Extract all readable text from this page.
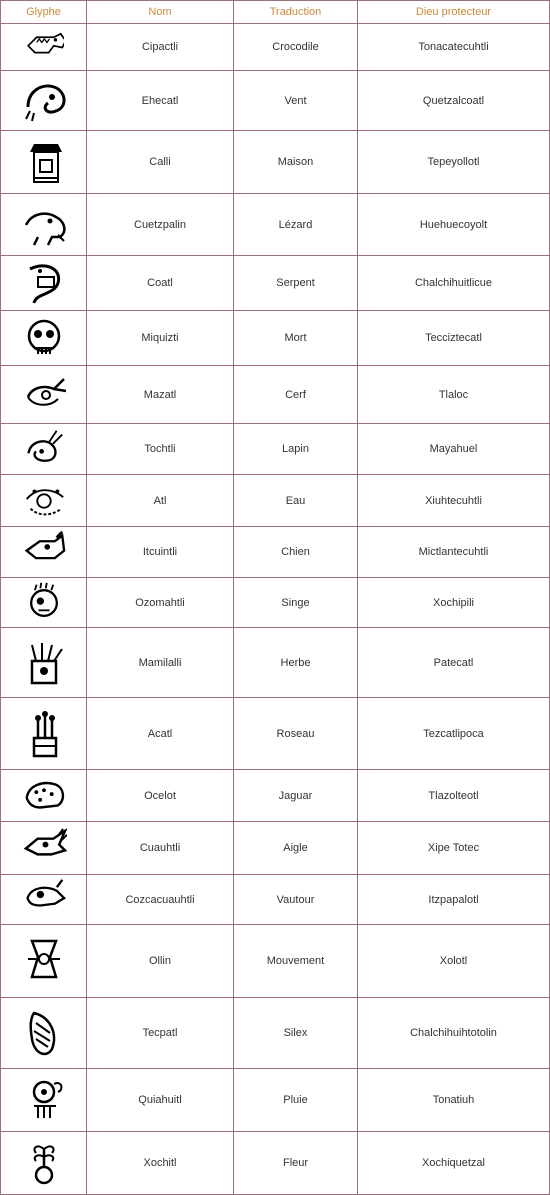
Glyphe	Nom	Traduction	Dieu protecteur

	Cipactli	Crocodile	Tonacatecuhtli

	Ehecatl	Vent	Quetzalcoatl

	Calli	Maison	Tepeyollotl

	Cuetzpalin	Lézard	Huehuecoyolt

	Coatl	Serpent	Chalchihuitlicue

	Miquizti	Mort	Tecciztecatl

	Mazatl	Cerf	Tlaloc

	Tochtli	Lapin	Mayahuel

	Atl	Eau	Xiuhtecuhtli

	Itcuintli	Chien	Mictlantecuhtli

	Ozomahtli	Singe	Xochipili

	Mamilalli	Herbe	Patecatl

	Acatl	Roseau	Tezcatlipoca

	Ocelot	Jaguar	Tlazolteotl

	Cuauhtli	Aigle	Xipe Totec

	Cozcacuauhtli	Vautour	Itzpapalotl

	Ollin	Mouvement	Xolotl

	Tecpatl	Silex	Chalchihuihtotolin

	Quiahuitl	Pluie	Tonatiuh

	Xochitl	Fleur	Xochiquetzal
